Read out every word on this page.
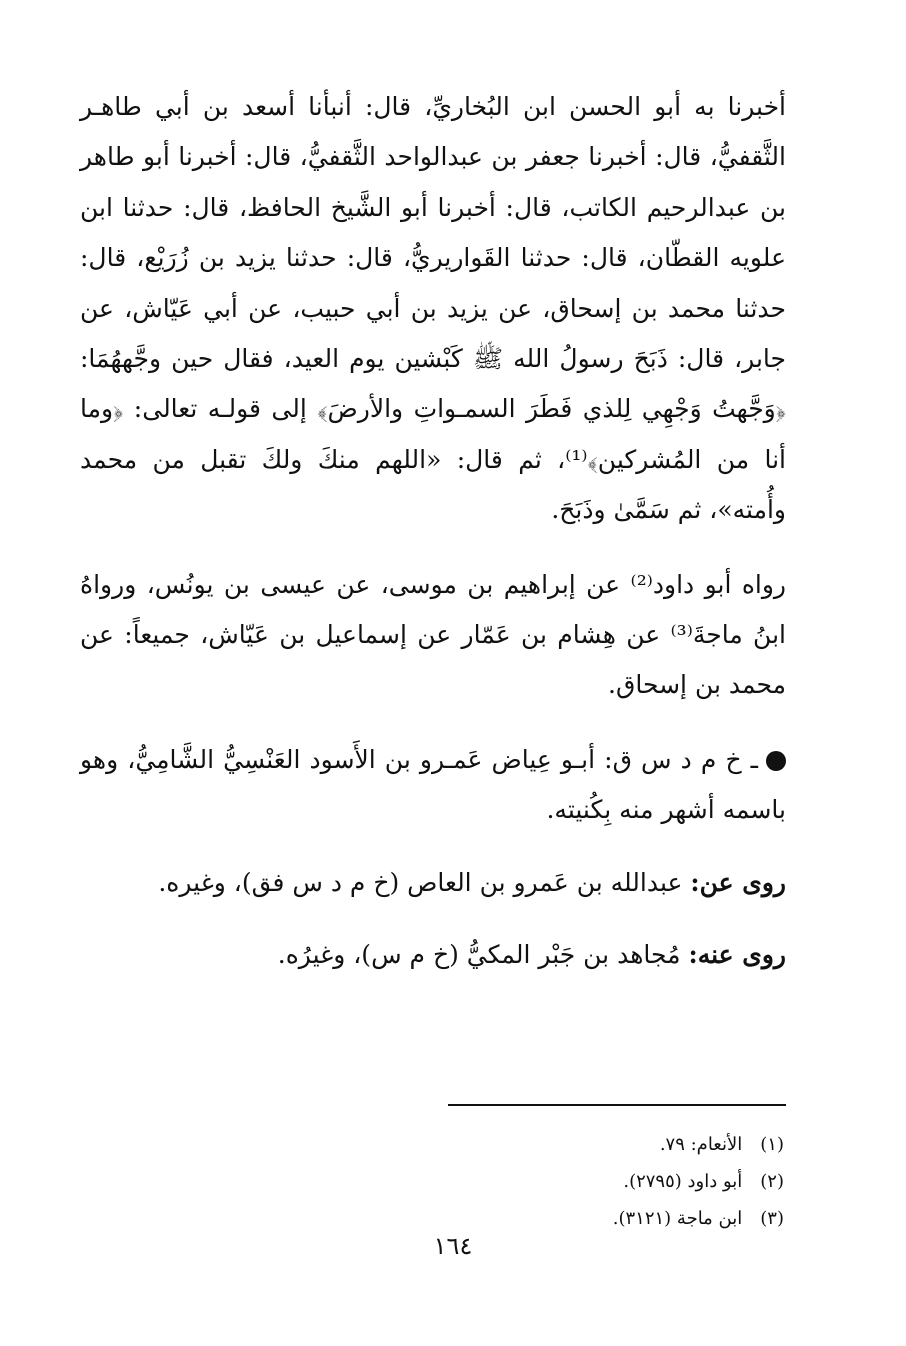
أخبرنا به أبو الحسن ابن البُخاريِّ، قال: أنبأنا أسعد بن أبي طاهـر الثَّقفيُّ، قال: أخبرنا جعفر بن عبدالواحد الثَّقفيُّ، قال: أخبرنا أبو طاهر بن عبدالرحيم الكاتب، قال: أخبرنا أبو الشَّيخ الحافظ، قال: حدثنا ابن علويه القطّان، قال: حدثنا القَواريريُّ، قال: حدثنا يزيد بن زُرَيْع، قال: حدثنا محمد بن إسحاق، عن يزيد بن أبي حبيب، عن أبي عَيّاش، عن جابر، قال: ذَبَحَ رسولُ الله ﷺ كَبْشين يوم العيد، فقال حين وجَّههُمَا: ﴿وَجَّهتُ وَجْهِي لِلذي فَطَرَ السمـواتِ والأرضَ﴾ إلى قولـه تعالى: ﴿وما أنا من المُشركين﴾⁽¹⁾، ثم قال: «اللهم منكَ ولكَ تقبل من محمد وأُمته»، ثم سَمَّىٰ وذَبَحَ.

رواه أبو داود⁽²⁾ عن إبراهيم بن موسى، عن عيسى بن يونُس، ورواهُ ابنُ ماجةَ⁽³⁾ عن هِشام بن عَمّار عن إسماعيل بن عَيّاش، جميعاً: عن محمد بن إسحاق.

ـ خ م د س ق: أبـو عِياض عَمـرو بن الأَسود العَنْسِيُّ الشَّامِيُّ، وهو باسمه أشهر منه بِكُنيته.

روى عن: عبدالله بن عَمرو بن العاص (خ م د س فق)، وغيره.

روى عنه: مُجاهد بن جَبْر المكيُّ (خ م س)، وغيرُه.

(١)الأنعام: ٧٩.
(٢)أبو داود (٢٧٩٥).
(٣)ابن ماجة (٣١٢١).
١٦٤
